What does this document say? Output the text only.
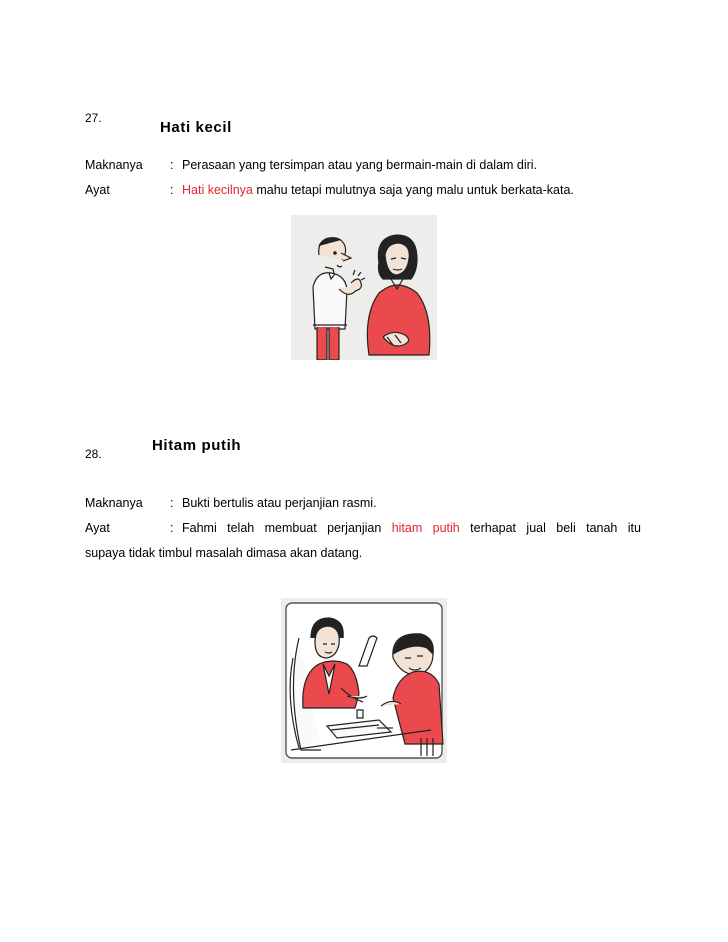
27.
Hati kecil
Maknanya : Perasaan yang tersimpan atau yang bermain-main di dalam diri.
Ayat	: Hati kecilnya mahu tetapi mulutnya saja yang malu untuk berkata-kata.
Hitam putih
28.
Maknanya : Bukti bertulis atau perjanjian rasmi.
Ayat	: Fahmi telah membuat perjanjian hitam putih terhapat jual beli tanah itu
supaya tidak timbul masalah dimasa akan datang.
